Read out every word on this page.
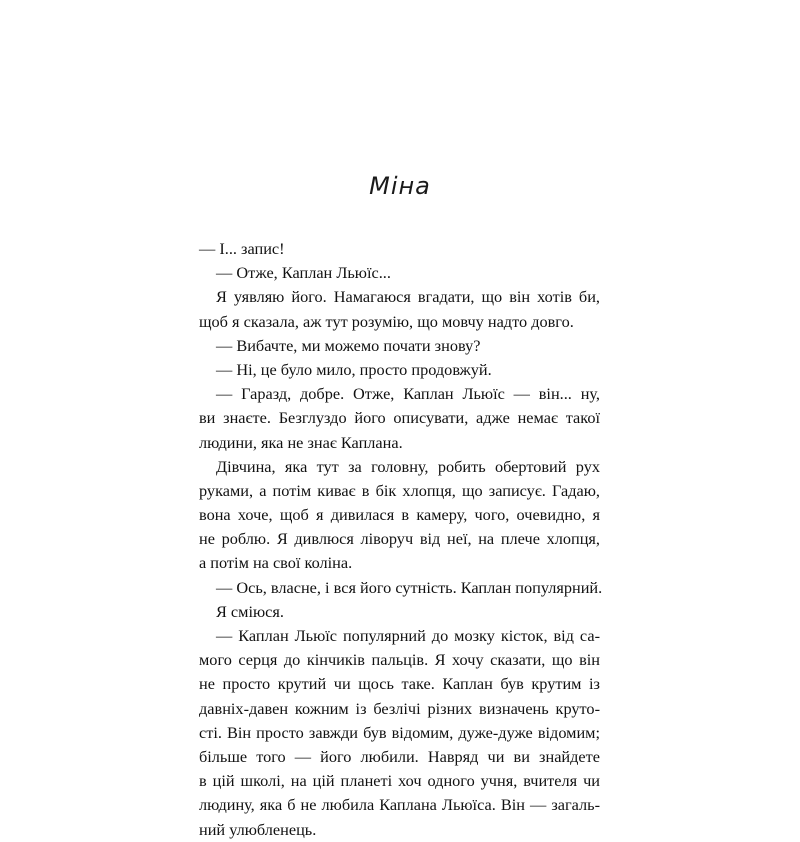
Міна
— І... запис!
— Отже, Каплан Льюїс...
Я уявляю його. Намагаюся вгадати, що він хотів би,
щоб я сказала, аж тут розумію, що мовчу надто довго.
— Вибачте, ми можемо почати знову?
— Ні, це було мило, просто продовжуй.
— Гаразд, добре. Отже, Каплан Льюїс — він... ну,
ви знаєте. Безглуздо його описувати, адже немає такої
людини, яка не знає Каплана.
Дівчина, яка тут за головну, робить обертовий рух
руками, а потім киває в бік хлопця, що записує. Гадаю,
вона хоче, щоб я дивилася в камеру, чого, очевидно, я
не роблю. Я дивлюся ліворуч від неї, на плече хлопця,
а потім на свої коліна.
— Ось, власне, і вся його сутність. Каплан популярний.
Я сміюся.
— Каплан Льюїс популярний до мозку кісток, від са-
мого серця до кінчиків пальців. Я хочу сказати, що він
не просто крутий чи щось таке. Каплан був крутим із
давніх-давен кожним із безлічі різних визначень круто-
сті. Він просто завжди був відомим, дуже-дуже відомим;
більше того — його любили. Навряд чи ви знайдете
в цій школі, на цій планеті хоч одного учня, вчителя чи
людину, яка б не любила Каплана Льюїса. Він — загаль-
ний улюбленець.
